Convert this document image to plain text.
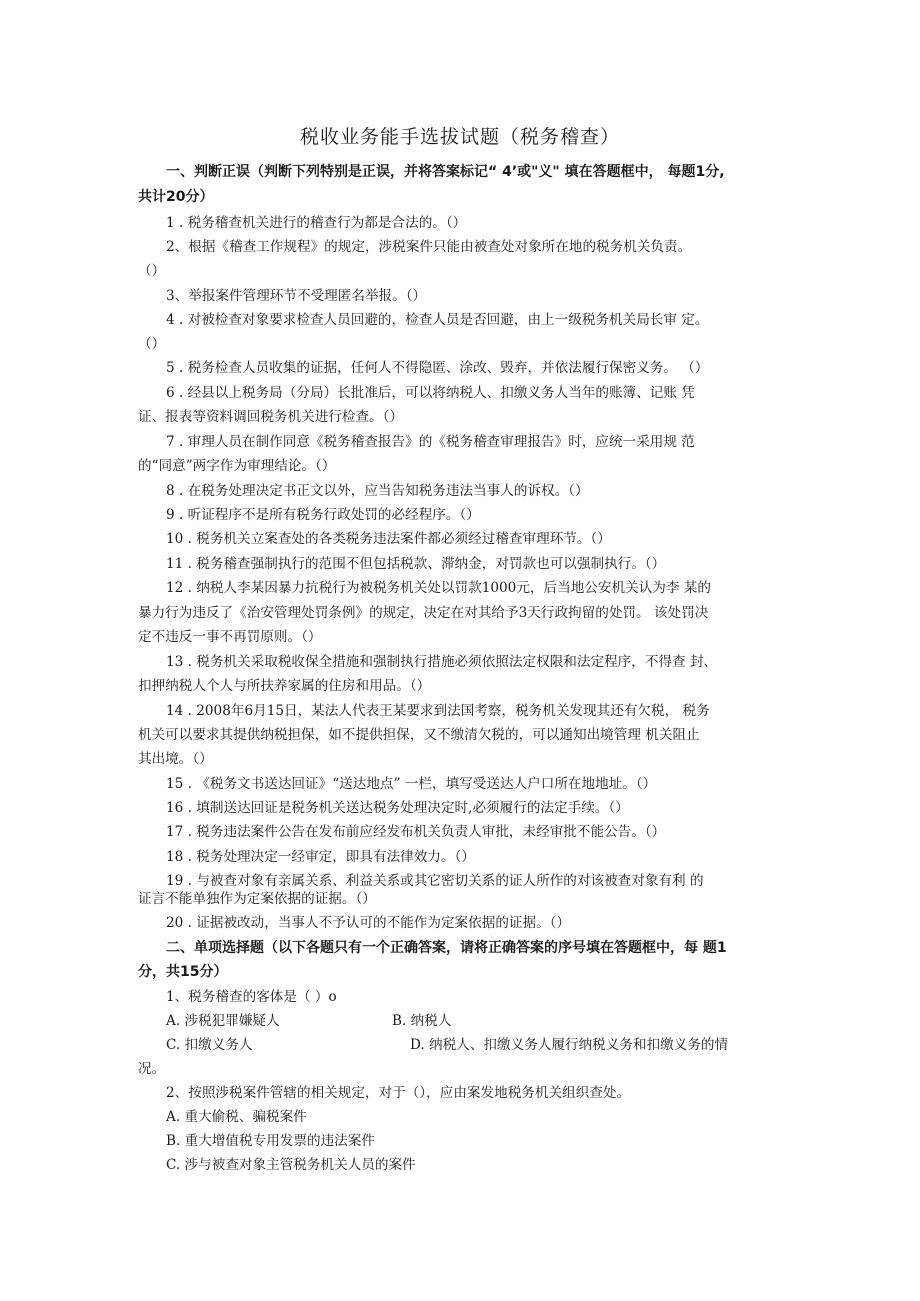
税收业务能手选拔试题（税务稽查）
一、判断正误（判断下列特别是正误，并将答案标记“ 4’或"义" 填在答题框中， 每题1分,
共计20分）
1 . 税务稽查机关进行的稽查行为都是合法的。（）
2、根据《稽查工作规程》的规定，涉税案件只能由被查处对象所在地的税务机关负责。
（）
3、举报案件管理环节不受理匿名举报。（）
4 . 对被检查对象要求检查人员回避的，检查人员是否回避，由上一级税务机关局长审 定。
（）
5 . 税务检查人员收集的证据，任何人不得隐匿、涂改、毁弃，并依法履行保密义务。 （）
6 . 经县以上税务局（分局）长批准后，可以将纳税人、扣缴义务人当年的账簿、记账 凭
证、报表等资料调回税务机关进行检查。（）
7 . 审理人员在制作同意《税务稽查报告》的《税务稽查审理报告》时，应统一采用规 范
的“同意”两字作为审理结论。（）
8 . 在税务处理决定书正文以外，应当告知税务违法当事人的诉权。（）
9 . 听证程序不是所有税务行政处罚的必经程序。（）
10 . 税务机关立案查处的各类税务违法案件都必须经过稽查审理环节。（）
11 . 税务稽查强制执行的范围不但包括税款、滞纳金，对罚款也可以强制执行。（）
12 . 纳税人李某因暴力抗税行为被税务机关处以罚款1000元，后当地公安机关认为李 某的
暴力行为违反了《治安管理处罚条例》的规定，决定在对其给予3天行政拘留的处罚。 该处罚决
定不违反一事不再罚原则。（）
13 . 税务机关采取税收保全措施和强制执行措施必须依照法定权限和法定程序，不得查 封、
扣押纳税人个人与所扶养家属的住房和用品。（）
14 . 2008年6月15日，某法人代表王某要求到法国考察，税务机关发现其还有欠税， 税务
机关可以要求其提供纳税担保，如不提供担保，又不缴清欠税的，可以通知出境管理 机关阻止
其出境。（）
15 . 《税务文书送达回证》“送达地点” 一栏，填写受送达人户口所在地地址。（）
16 . 填制送达回证是税务机关送达税务处理决定时,必须履行的法定手续。（）
17 . 税务违法案件公告在发布前应经发布机关负责人审批，未经审批不能公告。（）
18 . 税务处理决定一经审定，即具有法律效力。（）
19 . 与被查对象有亲属关系、利益关系或其它密切关系的证人所作的对该被查对象有利 的
证言不能单独作为定案依据的证据。（）
20 . 证据被改动，当事人不予认可的不能作为定案依据的证据。（）
二、单项选择题（以下各题只有一个正确答案，请将正确答案的序号填在答题框中，每 题1
分，共15分）
1、税务稽查的客体是（ ）o
A. 涉税犯罪嫌疑人	B. 纳税人
C. 扣缴义务人	D. 纳税人、扣缴义务人履行纳税义务和扣缴义务的情
况。
2、按照涉税案件管辖的相关规定，对于（），应由案发地税务机关组织查处。
A. 重大偷税、骗税案件
B. 重大增值税专用发票的违法案件
C. 涉与被查对象主管税务机关人员的案件
